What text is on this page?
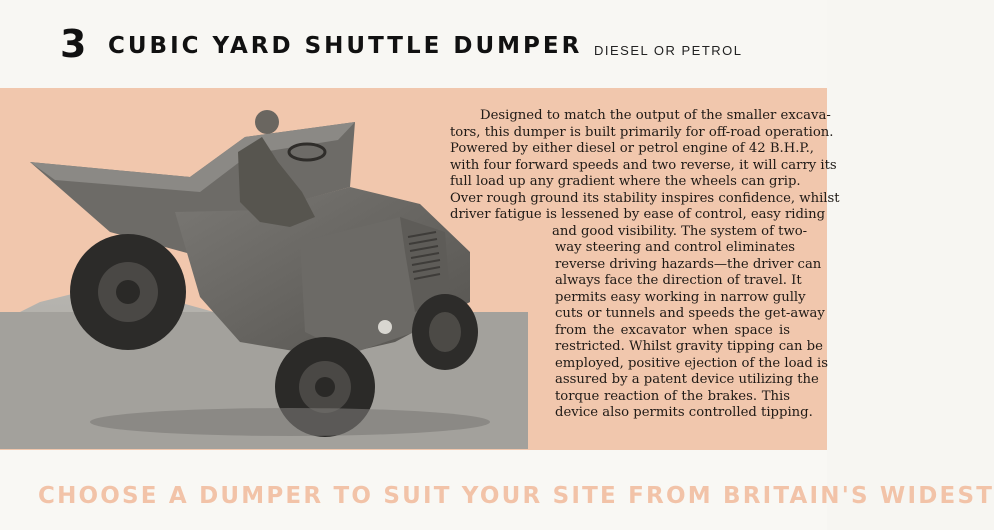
3 CUBIC YARD SHUTTLE DUMPER DIESEL OR PETROL
Designed to match the output of the smaller excava-
tors, this dumper is built primarily for off-road operation.
Powered by either diesel or petrol engine of 42 B.H.P.,
with four forward speeds and two reverse, it will carry its
full load up any gradient where the wheels can grip.
Over rough ground its stability inspires confidence, whilst
driver fatigue is lessened by ease of control, easy riding
and good visibility. The system of two-
way steering and control eliminates
reverse driving hazards—the driver can
always face the direction of travel. It
permits easy working in narrow gully
cuts or tunnels and speeds the get-away
from the excavator when space is
restricted. Whilst gravity tipping can be
employed, positive ejection of the load is
assured by a patent device utilizing the
torque reaction of the brakes. This
device also permits controlled tipping.
CHOOSE A DUMPER TO SUIT YOUR SITE FROM BRITAIN'S WIDEST
